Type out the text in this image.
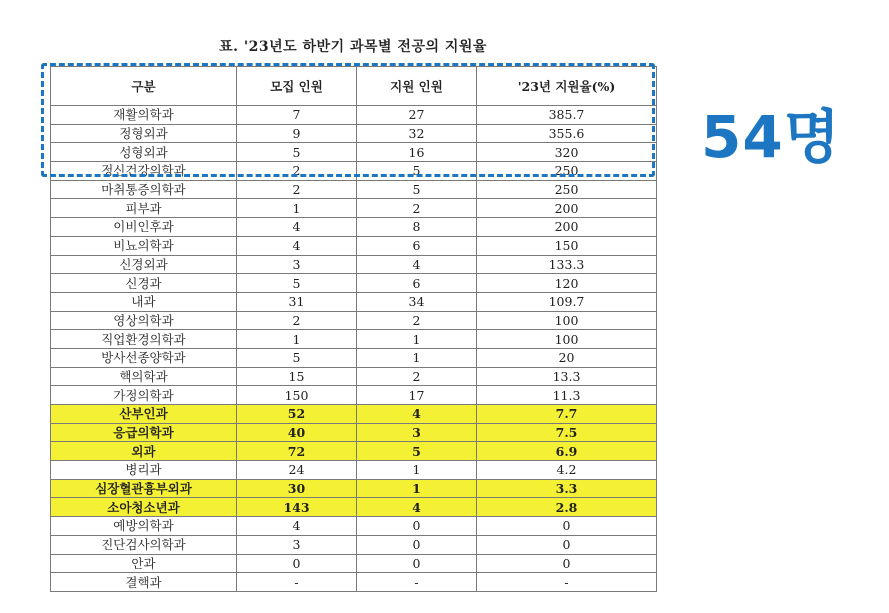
표. '23년도 하반기 과목별 전공의 지원율
구분	모집 인원	지원 인원	'23년 지원율(%)
재활의학과	7	27	385.7
정형외과	9	32	355.6
성형외과	5	16	320
정신건강의학과	2	5	250
마취통증의학과	2	5	250
피부과	1	2	200
이비인후과	4	8	200
비뇨의학과	4	6	150
신경외과	3	4	133.3
신경과	5	6	120
내과	31	34	109.7
영상의학과	2	2	100
직업환경의학과	1	1	100
방사선종양학과	5	1	20
핵의학과	15	2	13.3
가정의학과	150	17	11.3
산부인과	52	4	7.7
응급의학과	40	3	7.5
외과	72	5	6.9
병리과	24	1	4.2
심장혈관흉부외과	30	1	3.3
소아청소년과	143	4	2.8
예방의학과	4	0	0
진단검사의학과	3	0	0
안과	0	0	0
결핵과	-	-	-
54명
